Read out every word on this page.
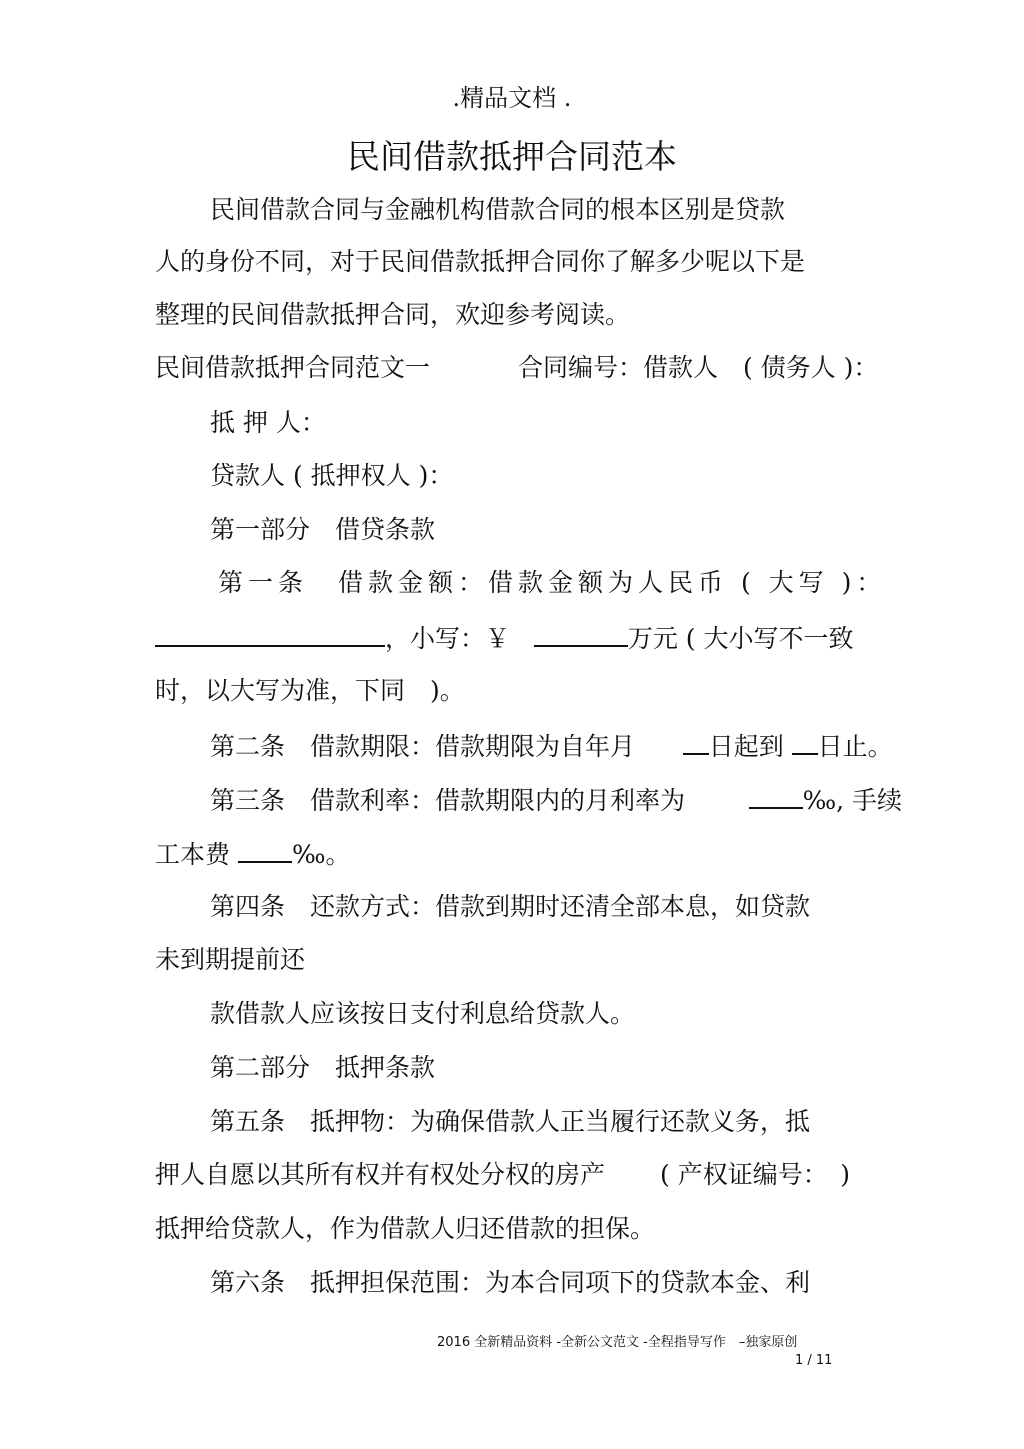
.精品文档 .
民间借款抵押合同范本
民间借款合同与金融机构借款合同的根本区别是贷款
人的身份不同，对于民间借款抵押合同你了解多少呢以下是
整理的民间借款抵押合同，欢迎参考阅读。
民间借款抵押合同范文一	合同编号：借款人　( 债务人 )：
抵 押 人：
贷款人 ( 抵押权人 )：
第一部分　借贷条款
第一条　借款金额：借款金额为人民币 ( 大写 )：
，小写：￥	万元 ( 大小写不一致
时，以大写为准，下同　)。
第二条　借款期限：借款期限为自年月	日起到 日止。
第三条　借款利率：借款期限内的月利率为	‰, 手续
工本费 ‰。
第四条　还款方式：借款到期时还清全部本息，如贷款
未到期提前还
款借款人应该按日支付利息给贷款人。
第二部分　抵押条款
第五条　抵押物：为确保借款人正当履行还款义务，抵
押人自愿以其所有权并有权处分权的房产 ( 产权证编号：　)
抵押给贷款人，作为借款人归还借款的担保。
第六条　抵押担保范围：为本合同项下的贷款本金、利
2016 全新精品资料 -全新公文范文 -全程指导写作　–独家原创
1 / 11
